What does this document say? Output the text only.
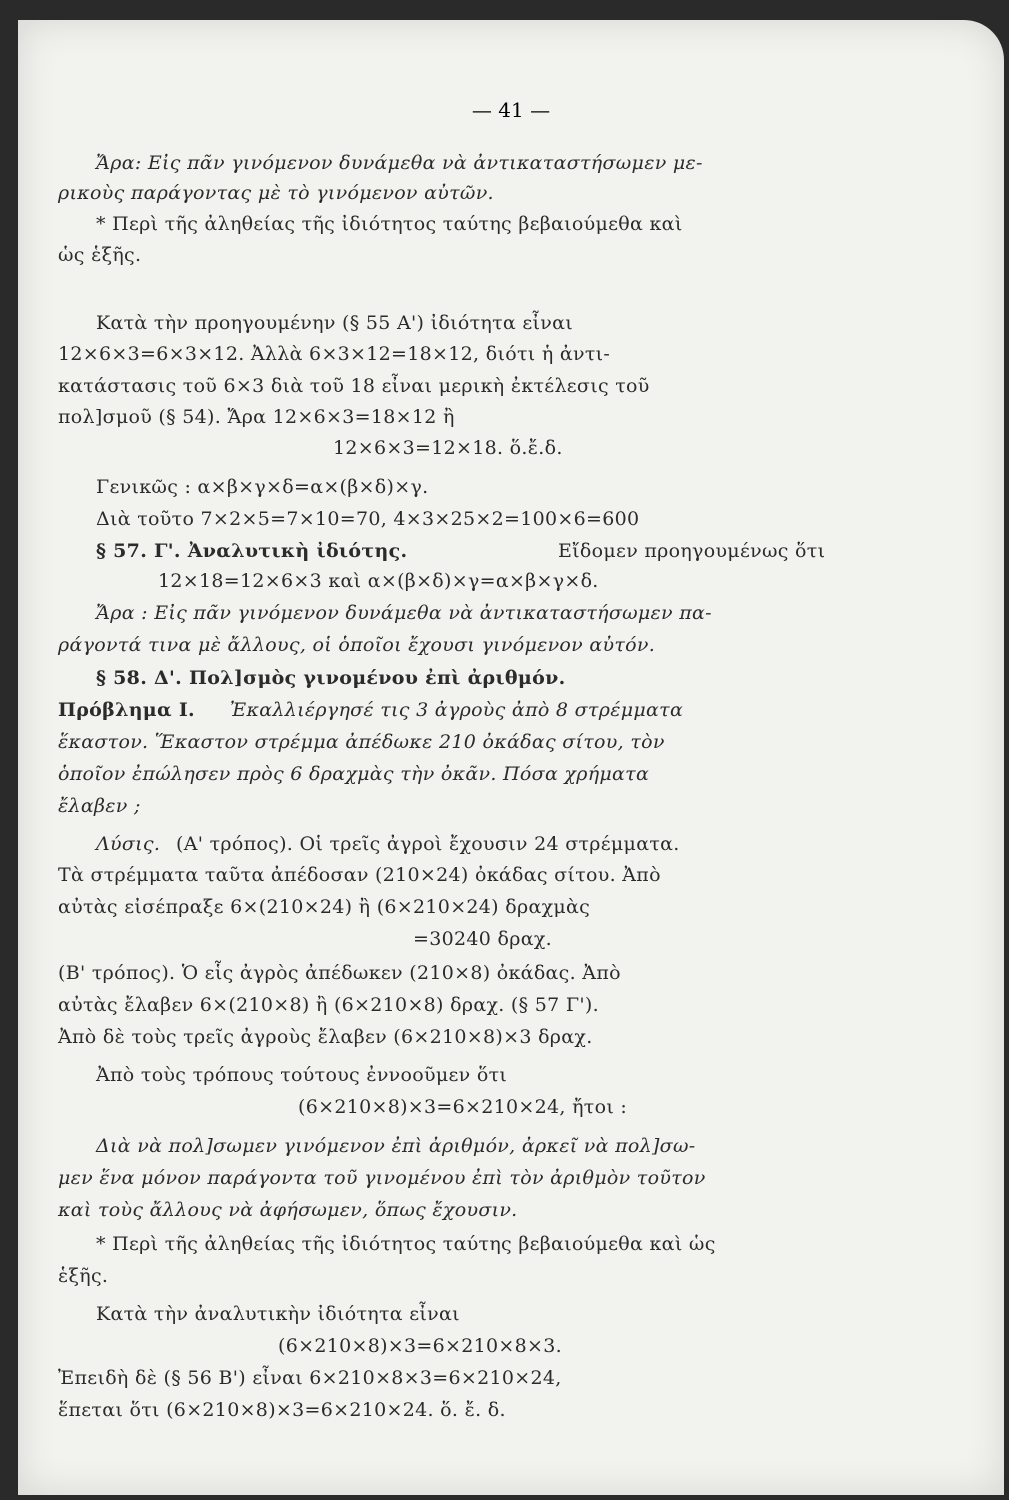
— 41 —
Ἄρα: Εἰς πᾶν γινόμενον δυνάμεθα νὰ ἀντικαταστήσωμεν με-
ρικοὺς παράγοντας μὲ τὸ γινόμενον αὐτῶν.
* Περὶ τῆς ἀληθείας τῆς ἰδιότητος ταύτης βεβαιούμεθα καὶ
ὡς ἑξῆς.
Κατὰ τὴν προηγουμένην (§ 55 Α') ἰδιότητα εἶναι
12×6×3=6×3×12. Ἀλλὰ 6×3×12=18×12, διότι ἡ ἀντι-
κατάστασις τοῦ 6×3 διὰ τοῦ 18 εἶναι μερικὴ ἐκτέλεσις τοῦ
πολ]σμοῦ (§ 54). Ἄρα 12×6×3=18×12 ἢ
12×6×3=12×18. ὅ.ἔ.δ.
Γενικῶς : α×β×γ×δ=α×(β×δ)×γ.
Διὰ τοῦτο 7×2×5=7×10=70, 4×3×25×2=100×6=600
§ 57. Γ'. Ἀναλυτικὴ ἰδιότης.	Εἴδομεν προηγουμένως ὅτι
12×18=12×6×3 καὶ α×(β×δ)×γ=α×β×γ×δ.
Ἄρα : Εἰς πᾶν γινόμενον δυνάμεθα νὰ ἀντικαταστήσωμεν πα-
ράγοντά τινα μὲ ἄλλους, οἱ ὁποῖοι ἔχουσι γινόμενον αὐτόν.
§ 58. Δ'. Πολ]σμὸς γινομένου ἐπὶ ἀριθμόν.
Πρόβλημα Ι. Ἐκαλλιέργησέ τις 3 ἀγροὺς ἀπὸ 8 στρέμματα
ἕκαστον. Ἕκαστον στρέμμα ἀπέδωκε 210 ὀκάδας σίτου, τὸν
ὁποῖον ἐπώλησεν πρὸς 6 δραχμὰς τὴν ὀκᾶν. Πόσα χρήματα
ἔλαβεν ;
Λύσις. (Α' τρόπος). Οἱ τρεῖς ἀγροὶ ἔχουσιν 24 στρέμματα.
Τὰ στρέμματα ταῦτα ἀπέδοσαν (210×24) ὀκάδας σίτου. Ἀπὸ
αὐτὰς εἰσέπραξε 6×(210×24) ἢ (6×210×24) δραχμὰς
=30240 δραχ.
(Β' τρόπος). Ὁ εἷς ἀγρὸς ἀπέδωκεν (210×8) ὀκάδας. Ἀπὸ
αὐτὰς ἔλαβεν 6×(210×8) ἢ (6×210×8) δραχ. (§ 57 Γ').
Ἀπὸ δὲ τοὺς τρεῖς ἀγροὺς ἔλαβεν (6×210×8)×3 δραχ.
Ἀπὸ τοὺς τρόπους τούτους ἐννοοῦμεν ὅτι
(6×210×8)×3=6×210×24, ἤτοι :
Διὰ νὰ πολ]σωμεν γινόμενον ἐπὶ ἀριθμόν, ἀρκεῖ νὰ πολ]σω-
μεν ἕνα μόνον παράγοντα τοῦ γινομένου ἐπὶ τὸν ἀριθμὸν τοῦτον
καὶ τοὺς ἄλλους νὰ ἀφήσωμεν, ὅπως ἔχουσιν.
* Περὶ τῆς ἀληθείας τῆς ἰδιότητος ταύτης βεβαιούμεθα καὶ ὡς
ἑξῆς.
Κατὰ τὴν ἀναλυτικὴν ἰδιότητα εἶναι
(6×210×8)×3=6×210×8×3.
Ἐπειδὴ δὲ (§ 56 Β') εἶναι 6×210×8×3=6×210×24,
ἕπεται ὅτι (6×210×8)×3=6×210×24. ὅ. ἔ. δ.
